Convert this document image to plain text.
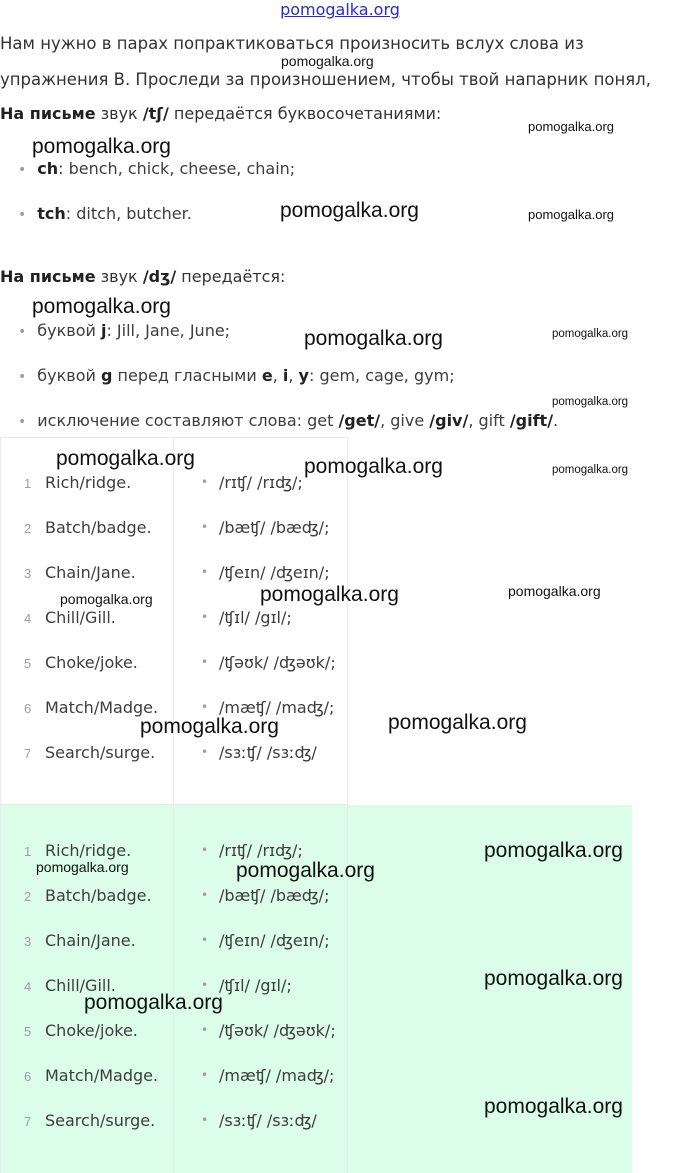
pomogalka.org
Нам нужно в парах попрактиковаться произносить вслух слова из
упражнения В. Проследи за произношением, чтобы твой напарник понял,
На письме звук /tʃ/ передаётся буквосочетаниями:
• ch: bench, chick, cheese, chain;
• tch: ditch, butcher.
На письме звук /dʒ/ передаётся:
• буквой j: Jill, Jane, June;
• буквой g перед гласными e, i, y: gem, cage, gym;
• исключение составляют слова: get /get/, give /giv/, gift /gift/.
1 Rich/ridge.	• /rɪʧ/ /rɪʤ/;
2 Batch/badge.	• /bæʧ/ /bæʤ/;
3 Chain/Jane.	• /ʧeɪn/ /ʤeɪn/;
4 Chill/Gill.	• /ʧɪl/ /gɪl/;
5 Choke/joke.	• /ʧəʊk/ /ʤəʊk/;
6 Match/Madge.	• /mæʧ/ /maʤ/;
7 Search/surge.	• /sɜːʧ/ /sɜːʤ/
1 Rich/ridge.	• /rɪʧ/ /rɪʤ/;
2 Batch/badge.	• /bæʧ/ /bæʤ/;
3 Chain/Jane.	• /ʧeɪn/ /ʤeɪn/;
4 Chill/Gill.	• /ʧɪl/ /gɪl/;
5 Choke/joke.	• /ʧəʊk/ /ʤəʊk/;
6 Match/Madge.	• /mæʧ/ /maʤ/;
7 Search/surge.	• /sɜːʧ/ /sɜːʤ/
pomogalka.org
pomogalka.org
pomogalka.org
pomogalka.org	pomogalka.org
pomogalka.org
pomogalka.org	pomogalka.org
pomogalka.org
pomogalka.org	pomogalka.org	pomogalka.org
pomogalka.org	pomogalka.org
pomogalka.org
pomogalka.org	pomogalka.org
pomogalka.org
pomogalka.org	pomogalka.org
pomogalka.org
pomogalka.org
pomogalka.org
